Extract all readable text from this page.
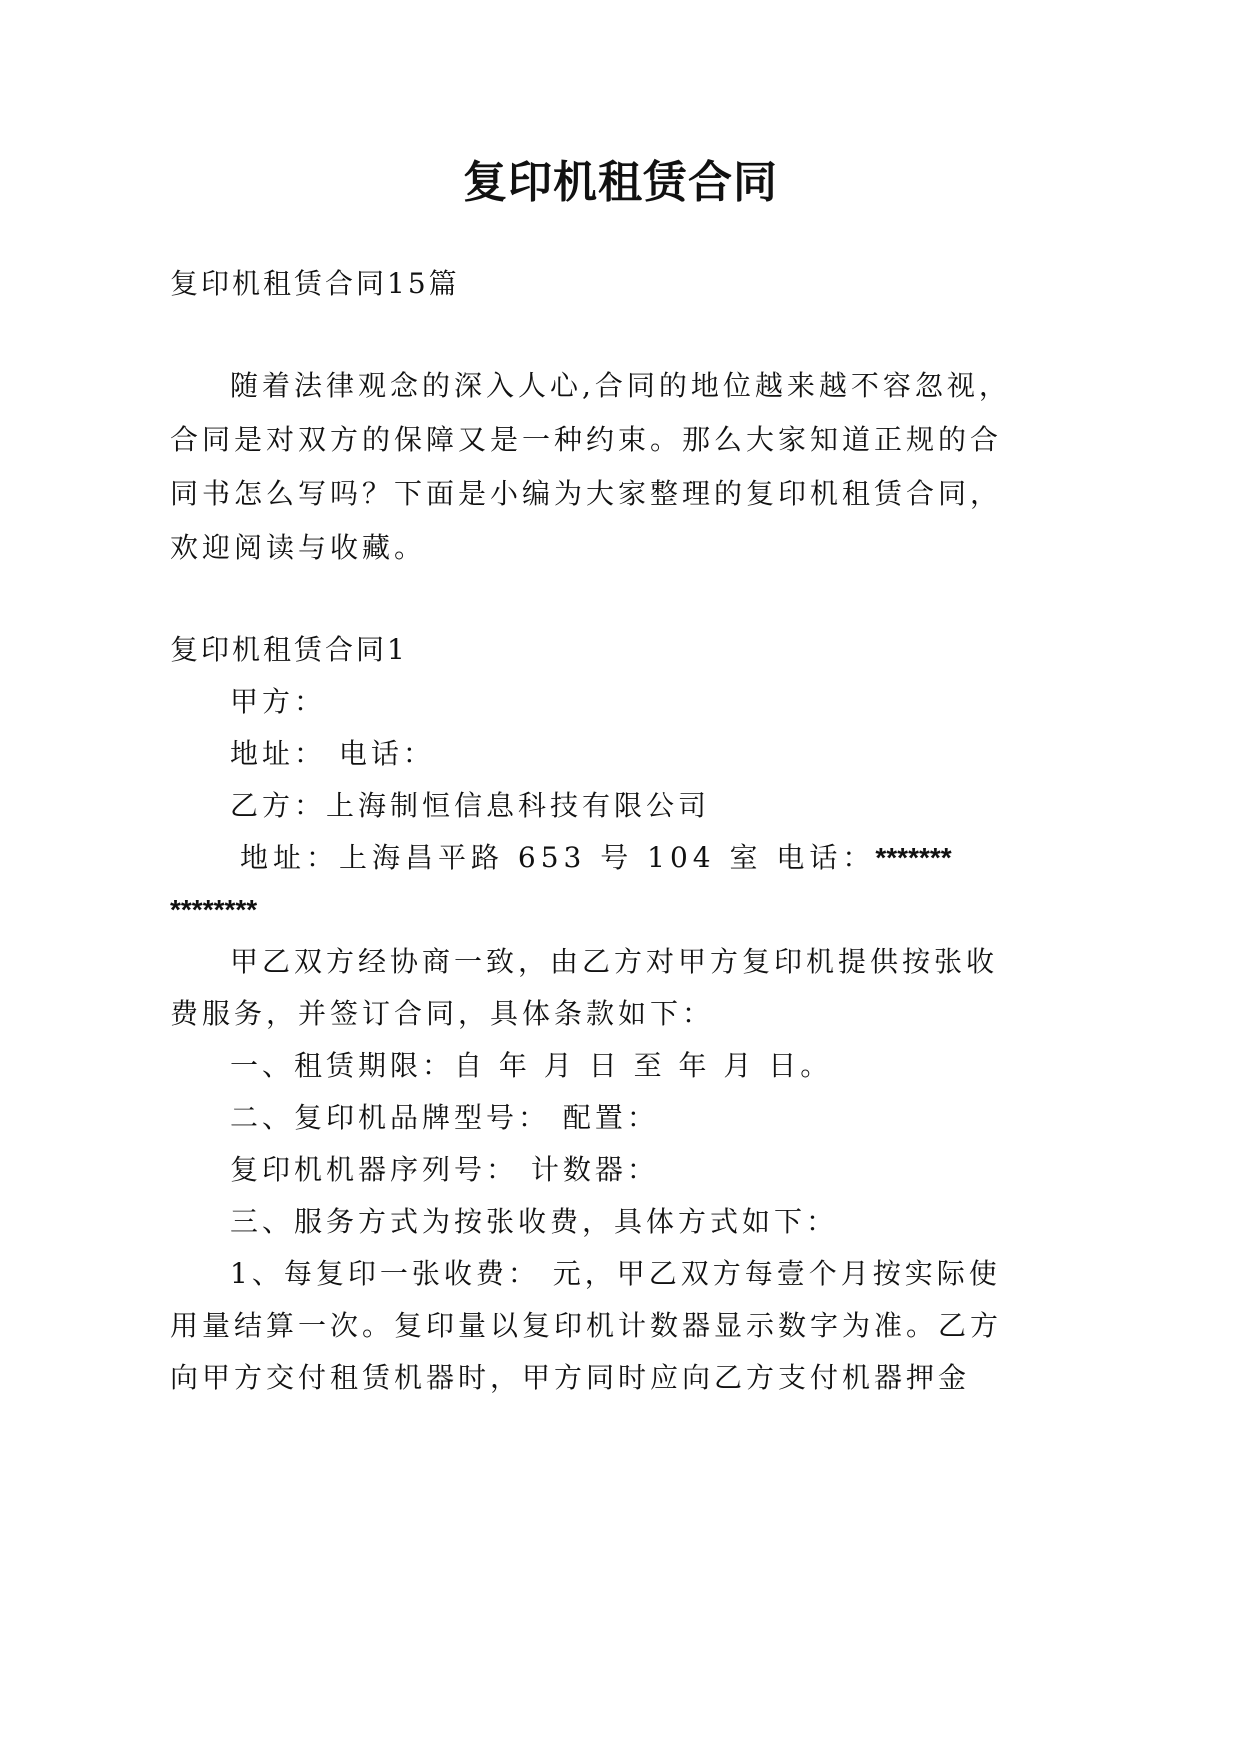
复印机租赁合同
复印机租赁合同15篇
随着法律观念的深入人心,合同的地位越来越不容忽视，
合同是对双方的保障又是一种约束。那么大家知道正规的合
同书怎么写吗？下面是小编为大家整理的复印机租赁合同，
欢迎阅读与收藏。
复印机租赁合同1
甲方：
地址： 电话：
乙方：上海制恒信息科技有限公司
地址：上海昌平路 653 号 104 室 电话：*******
********
甲乙双方经协商一致，由乙方对甲方复印机提供按张收
费服务，并签订合同，具体条款如下：
一、租赁期限：自 年 月 日 至 年 月 日。
二、复印机品牌型号： 配置：
复印机机器序列号： 计数器：
三、服务方式为按张收费，具体方式如下：
1、每复印一张收费： 元，甲乙双方每壹个月按实际使
用量结算一次。复印量以复印机计数器显示数字为准。乙方
向甲方交付租赁机器时，甲方同时应向乙方支付机器押金
